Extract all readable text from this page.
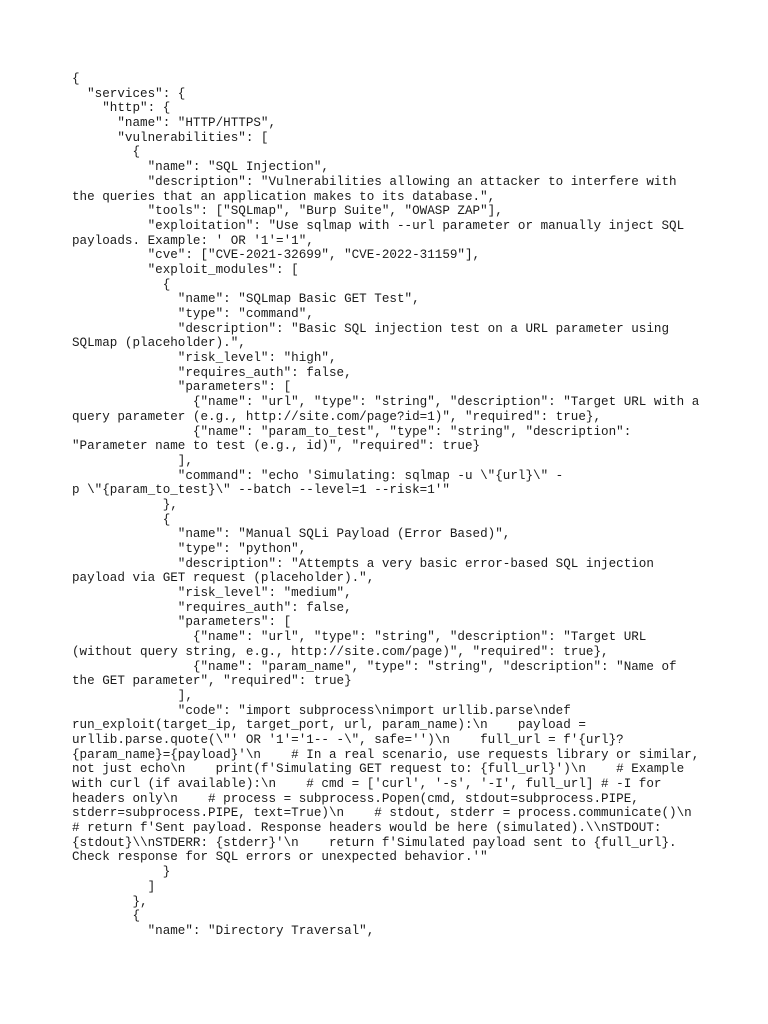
{
"services": {
"http": {
"name": "HTTP/HTTPS",
"vulnerabilities": [
{
"name": "SQL Injection",
"description": "Vulnerabilities allowing an attacker to interfere with
the queries that an application makes to its database.",
"tools": ["SQLmap", "Burp Suite", "OWASP ZAP"],
"exploitation": "Use sqlmap with --url parameter or manually inject SQL
payloads. Example: ' OR '1'='1",
"cve": ["CVE-2021-32699", "CVE-2022-31159"],
"exploit_modules": [
{
"name": "SQLmap Basic GET Test",
"type": "command",
"description": "Basic SQL injection test on a URL parameter using
SQLmap (placeholder).",
"risk_level": "high",
"requires_auth": false,
"parameters": [
{"name": "url", "type": "string", "description": "Target URL with a
query parameter (e.g., http://site.com/page?id=1)", "required": true},
{"name": "param_to_test", "type": "string", "description":
"Parameter name to test (e.g., id)", "required": true}
],
"command": "echo 'Simulating: sqlmap -u \"{url}\" -
p \"{param_to_test}\" --batch --level=1 --risk=1'"
},
{
"name": "Manual SQLi Payload (Error Based)",
"type": "python",
"description": "Attempts a very basic error-based SQL injection
payload via GET request (placeholder).",
"risk_level": "medium",
"requires_auth": false,
"parameters": [
{"name": "url", "type": "string", "description": "Target URL
(without query string, e.g., http://site.com/page)", "required": true},
{"name": "param_name", "type": "string", "description": "Name of
the GET parameter", "required": true}
],
"code": "import subprocess\nimport urllib.parse\ndef
run_exploit(target_ip, target_port, url, param_name):\n    payload =
urllib.parse.quote(\"' OR '1'='1-- -\", safe='')\n    full_url = f'{url}?
{param_name}={payload}'\n    # In a real scenario, use requests library or similar,
not just echo\n    print(f'Simulating GET request to: {full_url}')\n    # Example
with curl (if available):\n    # cmd = ['curl', '-s', '-I', full_url] # -I for
headers only\n    # process = subprocess.Popen(cmd, stdout=subprocess.PIPE,
stderr=subprocess.PIPE, text=True)\n    # stdout, stderr = process.communicate()\n
# return f'Sent payload. Response headers would be here (simulated).\\nSTDOUT:
{stdout}\\nSTDERR: {stderr}'\n    return f'Simulated payload sent to {full_url}.
Check response for SQL errors or unexpected behavior.'"
}
]
},
{
"name": "Directory Traversal",
